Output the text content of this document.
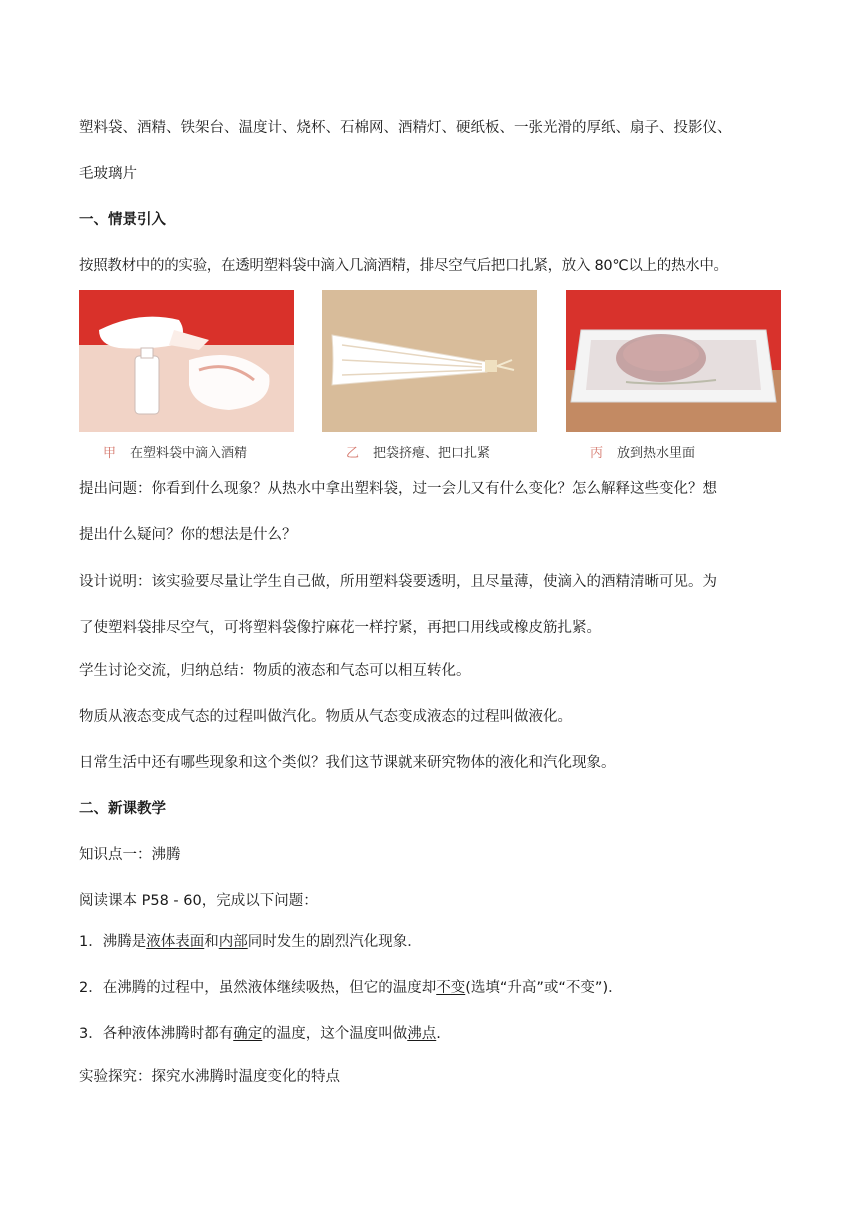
塑料袋、酒精、铁架台、温度计、烧杯、石棉网、酒精灯、硬纸板、一张光滑的厚纸、扇子、投影仪、
毛玻璃片
一、情景引入
按照教材中的的实验，在透明塑料袋中滴入几滴酒精，排尽空气后把口扎紧，放入 80℃以上的热水中。
甲 在塑料袋中滴入酒精	乙 把袋挤瘪、把口扎紧	丙 放到热水里面
提出问题：你看到什么现象？从热水中拿出塑料袋，过一会儿又有什么变化？怎么解释这些变化？想
提出什么疑问？你的想法是什么？
设计说明：该实验要尽量让学生自己做，所用塑料袋要透明，且尽量薄，使滴入的酒精清晰可见。为
了使塑料袋排尽空气，可将塑料袋像拧麻花一样拧紧，再把口用线或橡皮筋扎紧。
学生讨论交流，归纳总结：物质的液态和气态可以相互转化。
物质从液态变成气态的过程叫做汽化。物质从气态变成液态的过程叫做液化。
日常生活中还有哪些现象和这个类似？我们这节课就来研究物体的液化和汽化现象。
二、新课教学
知识点一：沸腾
阅读课本 P58 - 60，完成以下问题：
1．沸腾是液体表面和内部同时发生的剧烈汽化现象．
2．在沸腾的过程中，虽然液体继续吸热，但它的温度却不变(选填“升高”或“不变”)．
3．各种液体沸腾时都有确定的温度，这个温度叫做沸点.
实验探究：探究水沸腾时温度变化的特点
